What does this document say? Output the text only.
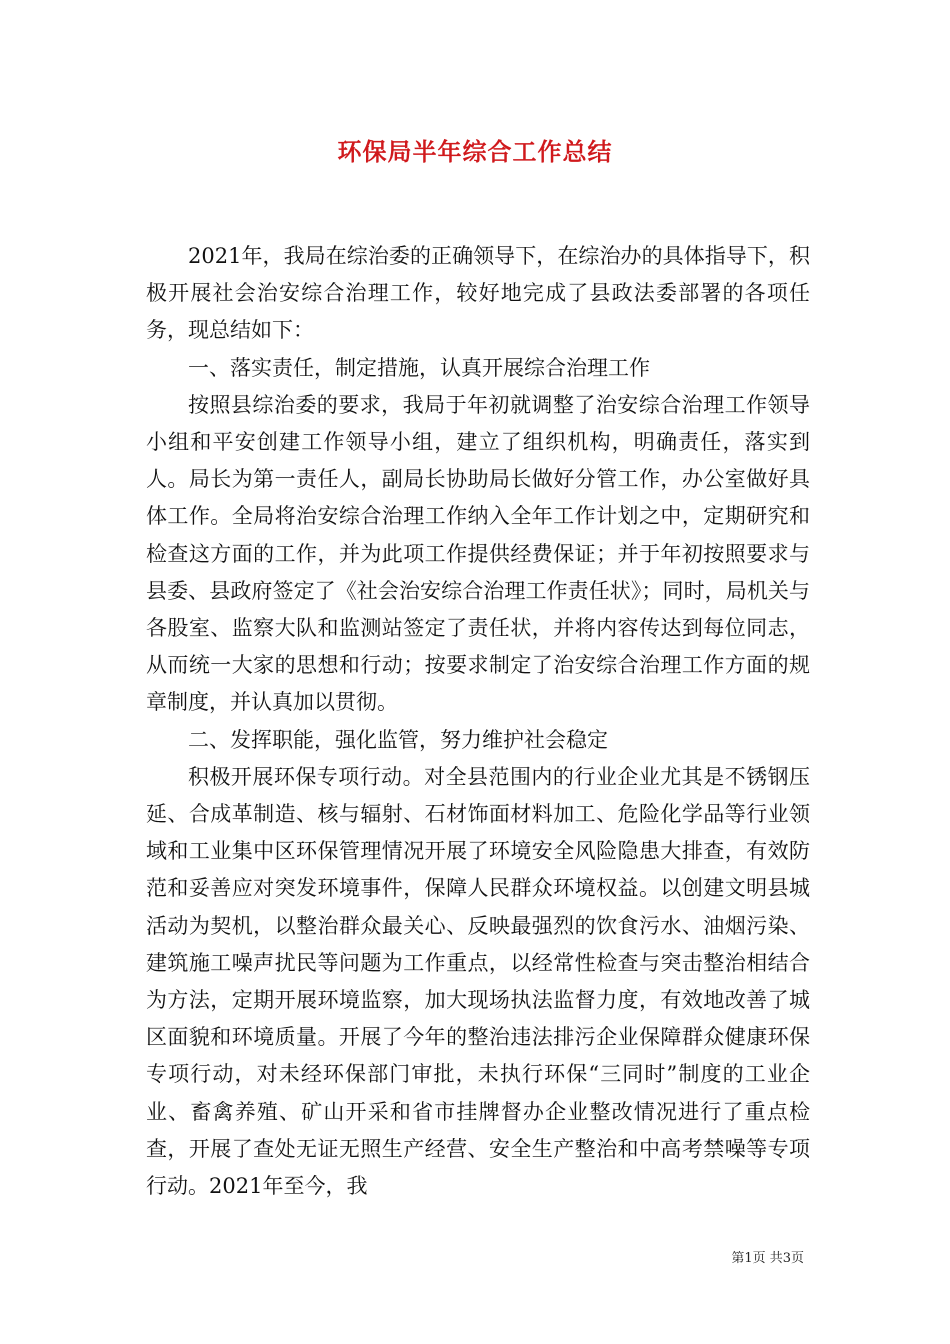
环保局半年综合工作总结

2021年，我局在综治委的正确领导下，在综治办的具体指导下，积极开展社会治安综合治理工作，较好地完成了县政法委部署的各项任务，现总结如下：

一、落实责任，制定措施，认真开展综合治理工作

按照县综治委的要求，我局于年初就调整了治安综合治理工作领导小组和平安创建工作领导小组，建立了组织机构，明确责任，落实到人。局长为第一责任人，副局长协助局长做好分管工作，办公室做好具体工作。全局将治安综合治理工作纳入全年工作计划之中，定期研究和检查这方面的工作，并为此项工作提供经费保证；并于年初按照要求与县委、县政府签定了《社会治安综合治理工作责任状》；同时，局机关与各股室、监察大队和监测站签定了责任状，并将内容传达到每位同志，从而统一大家的思想和行动；按要求制定了治安综合治理工作方面的规章制度，并认真加以贯彻。

二、发挥职能，强化监管，努力维护社会稳定

积极开展环保专项行动。对全县范围内的行业企业尤其是不锈钢压延、合成革制造、核与辐射、石材饰面材料加工、危险化学品等行业领域和工业集中区环保管理情况开展了环境安全风险隐患大排查，有效防范和妥善应对突发环境事件，保障人民群众环境权益。以创建文明县城活动为契机，以整治群众最关心、反映最强烈的饮食污水、油烟污染、建筑施工噪声扰民等问题为工作重点，以经常性检查与突击整治相结合为方法，定期开展环境监察，加大现场执法监督力度，有效地改善了城区面貌和环境质量。开展了今年的整治违法排污企业保障群众健康环保专项行动，对未经环保部门审批，未执行环保“三同时”制度的工业企业、畜禽养殖、矿山开采和省市挂牌督办企业整改情况进行了重点检查，开展了查处无证无照生产经营、安全生产整治和中高考禁噪等专项行动。2021年至今，我

第1页 共3页
